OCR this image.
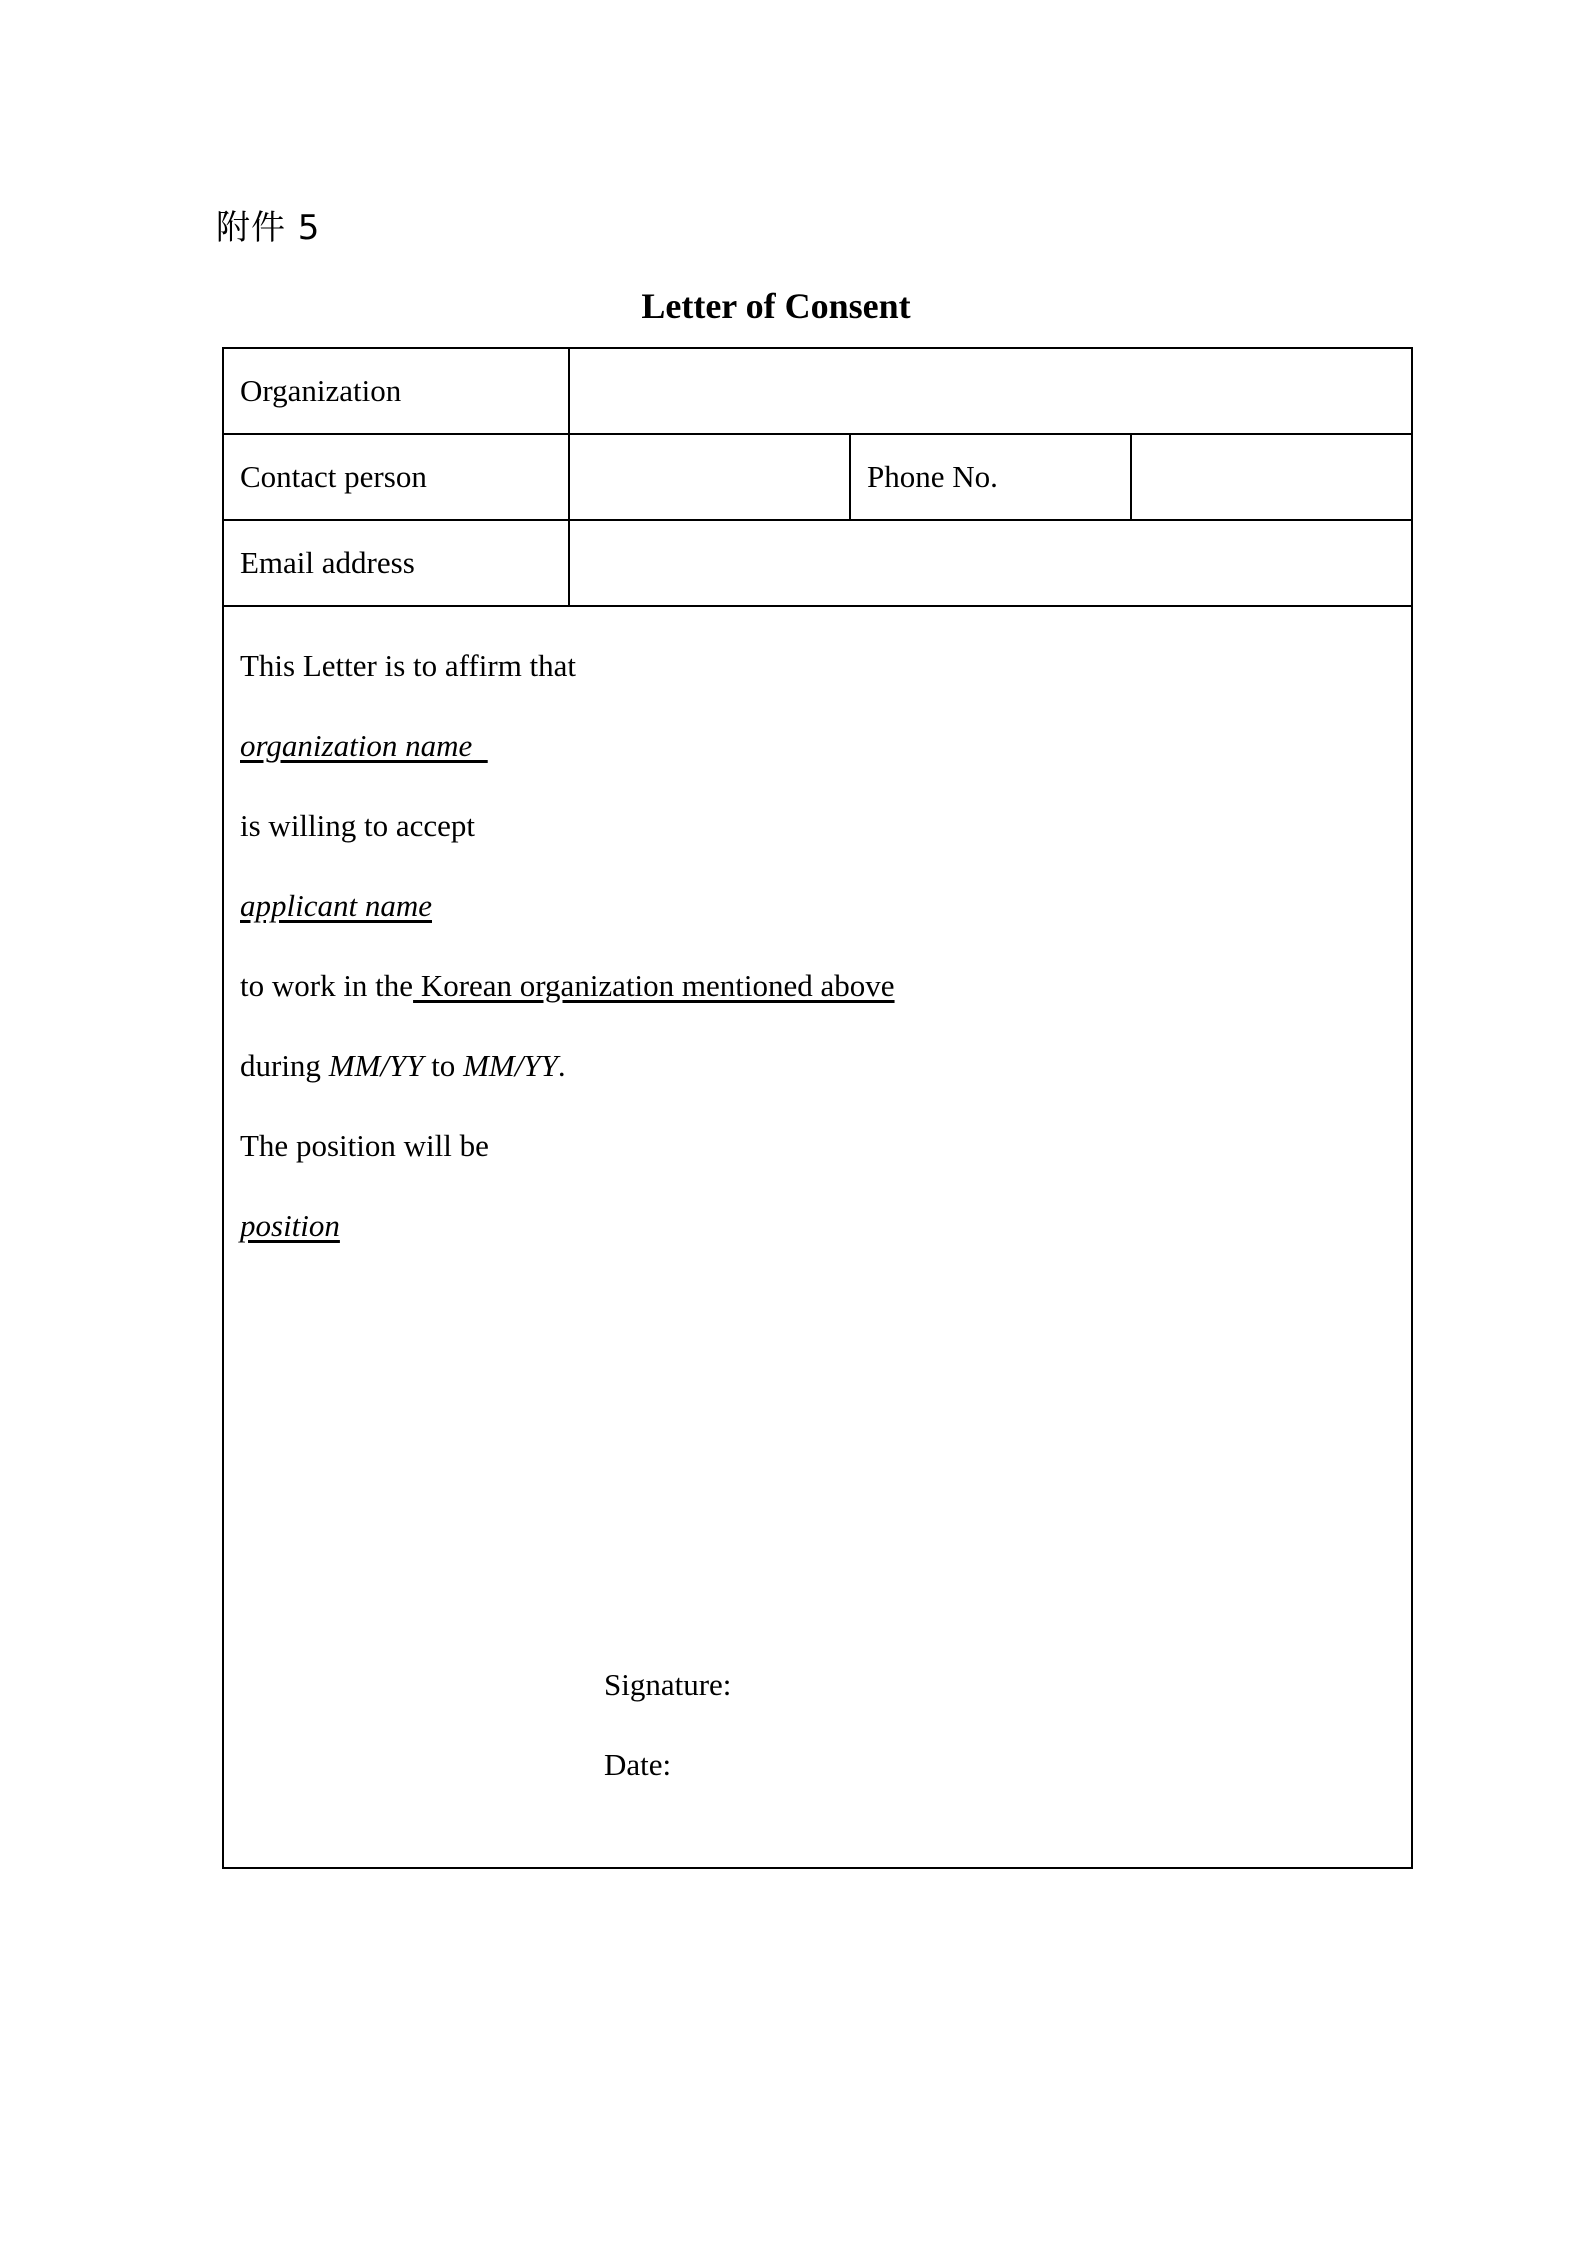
附件 5
Letter of Consent
Organization			
Contact person		Phone No.	
Email address			

This Letter is to affirm that
organization name
is willing to accept
applicant name
to work in the Korean organization mentioned above
during MM/YY to MM/YY .
The position will be
position
Signature:
Date:
